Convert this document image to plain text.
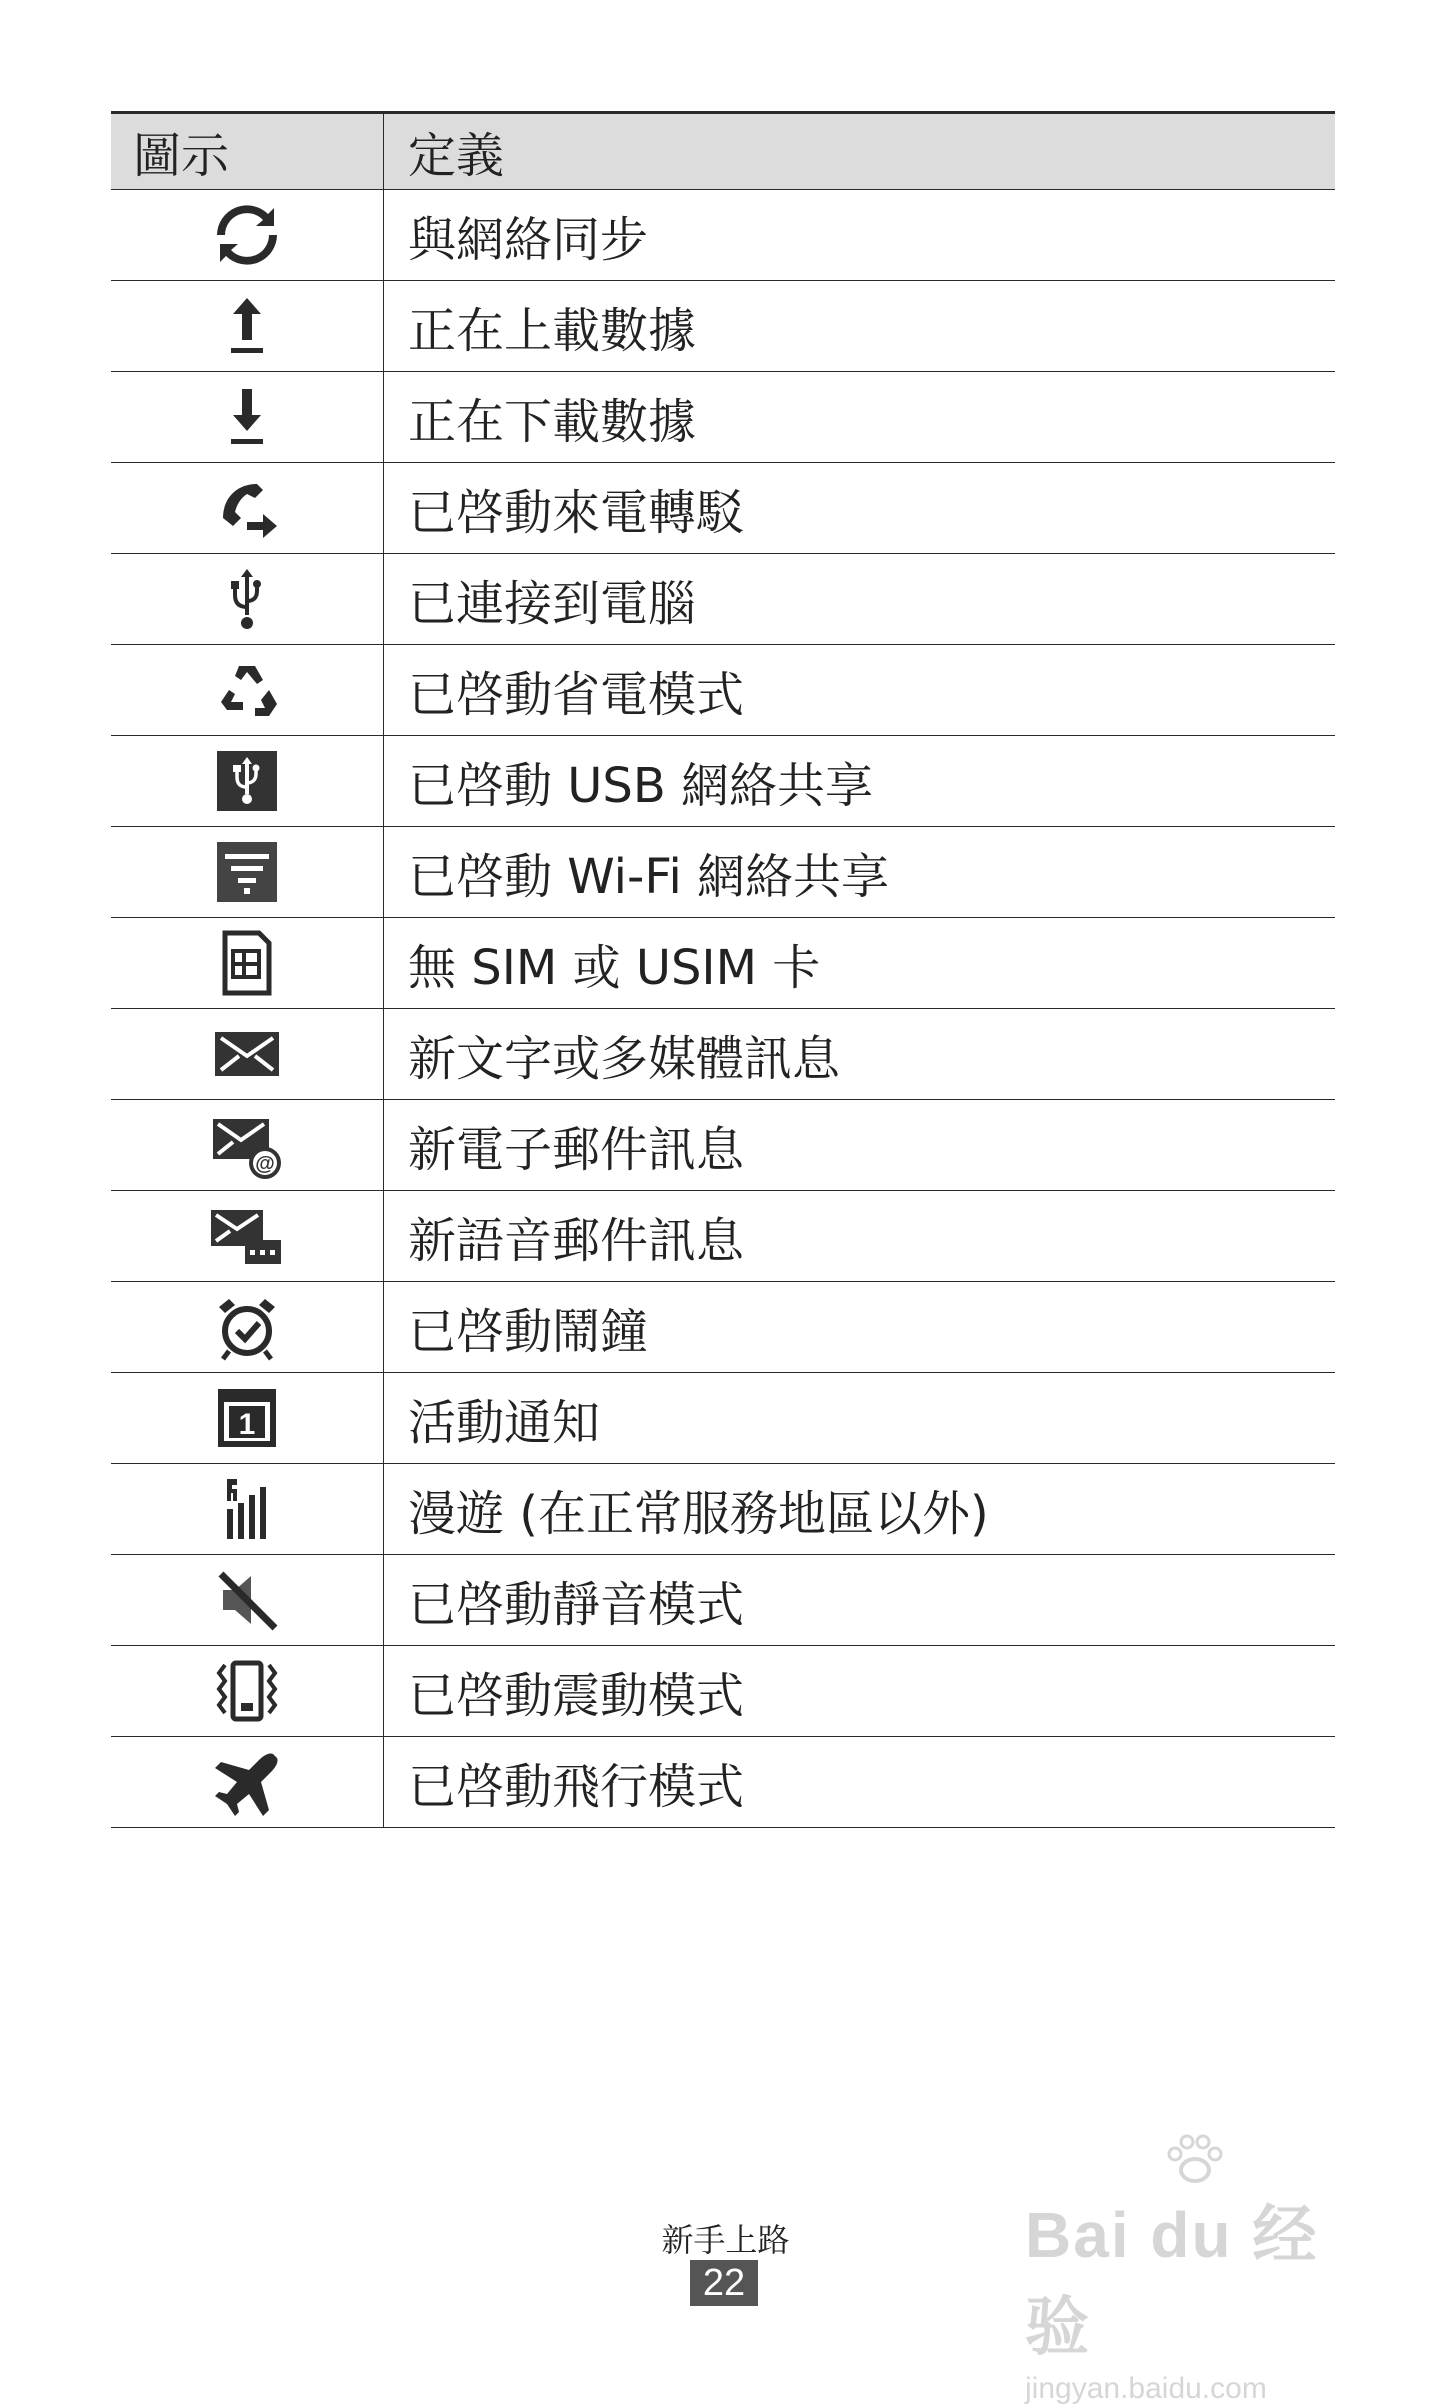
圖示	定義

	與網絡同步

	正在上載數據

	正在下載數據

	已啓動來電轉駁

	已連接到電腦

	已啓動省電模式

	已啓動 USB 網絡共享

	已啓動 Wi-Fi 網絡共享

	無 SIM 或 USIM 卡

	新文字或多媒體訊息

@	新電子郵件訊息

	新語音郵件訊息

	已啓動鬧鐘

1	活動通知

	漫遊 (在正常服務地區以外)

	已啓動靜音模式

	已啓動震動模式

	已啓動飛行模式
新手上路
22
Bai du 经验
jingyan.baidu.com
